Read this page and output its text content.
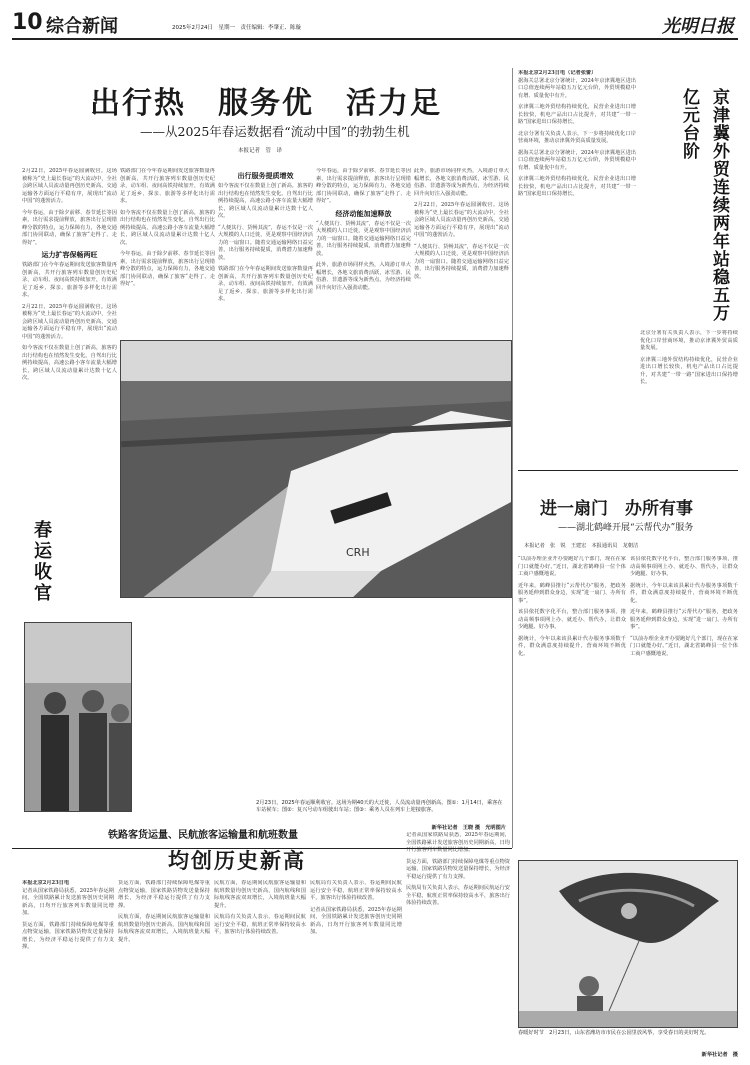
10 综合新闻	2025年2月24日　星期一　责任编辑：李肇正、陈璇	光明日报
出行热　服务优　活力足
——从2025年春运数据看“流动中国”的勃勃生机
本报记者　管　译

2月22日，2025年春运圆满收官。这场被称为“史上最长春运”的大流动中，全社会跨区域人员流动量再创历史新高，交通运输各方面运行平稳有序，展现出“流动中国”的蓬勃活力。

今年春运，由于除夕前移、春节延长等因素，出行需求提前释放，旅客出行呈现错峰分散的特点，运力保障有力，各地交通部门协同联动，确保了旅客“走得了、走得好”。

运力扩容保畅两旺

铁路部门在今年春运期间发送旅客数量再创新高，共开行旅客列车数量创历史纪录，动车组、夜间高铁持续加开，有效满足了返乡、探亲、旅游等多样化出行需求。

2月22日，2025年春运圆满收官。这场被称为“史上最长春运”的大流动中，全社会跨区域人员流动量再创历史新高，交通运输各方面运行平稳有序，展现出“流动中国”的蓬勃活力。

如今客流不仅在数量上创了新高，旅客的出行结构也在悄然发生变化。自驾出行比例持续提高，高速公路小客车流量大幅增长，跨区域人员流动量累计达数十亿人次。

铁路部门在今年春运期间发送旅客数量再创新高，共开行旅客列车数量创历史纪录，动车组、夜间高铁持续加开，有效满足了返乡、探亲、旅游等多样化出行需求。

如今客流不仅在数量上创了新高，旅客的出行结构也在悄然发生变化。自驾出行比例持续提高，高速公路小客车流量大幅增长，跨区域人员流动量累计达数十亿人次。

今年春运，由于除夕前移、春节延长等因素，出行需求提前释放，旅客出行呈现错峰分散的特点，运力保障有力，各地交通部门协同联动，确保了旅客“走得了、走得好”。

出行服务提质增效

如今客流不仅在数量上创了新高，旅客的出行结构也在悄然发生变化。自驾出行比例持续提高，高速公路小客车流量大幅增长，跨区域人员流动量累计达数十亿人次。

“人便其行、货畅其流”，春运不仅是一次大规模的人口迁徙，更是观察中国经济活力的一扇窗口。随着交通运输网络日益完善，出行服务持续提质，消费潜力加速释放。

铁路部门在今年春运期间发送旅客数量再创新高，共开行旅客列车数量创历史纪录，动车组、夜间高铁持续加开，有效满足了返乡、探亲、旅游等多样化出行需求。

今年春运，由于除夕前移、春节延长等因素，出行需求提前释放，旅客出行呈现错峰分散的特点，运力保障有力，各地交通部门协同联动，确保了旅客“走得了、走得好”。

经济动能加速释放

“人便其行、货畅其流”，春运不仅是一次大规模的人口迁徙，更是观察中国经济活力的一扇窗口。随着交通运输网络日益完善，出行服务持续提质，消费潜力加速释放。

此外，旅游市场同样火热，入境游订单大幅增长，各地文旅消费活跃，冰雪游、民俗游、非遗游等成为新热点，为经济持续回升向好注入强劲动能。

此外，旅游市场同样火热，入境游订单大幅增长，各地文旅消费活跃，冰雪游、民俗游、非遗游等成为新热点，为经济持续回升向好注入强劲动能。

2月22日，2025年春运圆满收官。这场被称为“史上最长春运”的大流动中，全社会跨区域人员流动量再创历史新高，交通运输各方面运行平稳有序，展现出“流动中国”的蓬勃活力。

“人便其行、货畅其流”，春运不仅是一次大规模的人口迁徙，更是观察中国经济活力的一扇窗口。随着交通运输网络日益完善，出行服务持续提质，消费潜力加速释放。

春运收官	CRH
2月23日，2025年春运顺利收官。这场为期40天的大迁徙，人员流动量再创新高。图①：1月14日，乘客在车站候车；图②：复兴号动车组驶出车站；图③：乘务人员在列车上迎接旅客。
新华社记者　王晓 摄　光明图片

本报北京2月23日电（记者张蕾）

据海关总署北京分署统计，2024年京津冀地区进出口总值连续两年站稳五万亿元台阶，外贸规模稳中有增、质量优中有升。

京津冀三地外贸结构持续优化，民营企业进出口增长较快，机电产品出口占比提升，对共建“一带一路”国家进出口保持增长。

北京分署有关负责人表示，下一步将持续优化口岸营商环境，推动京津冀外贸高质量发展。

据海关总署北京分署统计，2024年京津冀地区进出口总值连续两年站稳五万亿元台阶，外贸规模稳中有增、质量优中有升。

京津冀三地外贸结构持续优化，民营企业进出口增长较快，机电产品出口占比提升，对共建“一带一路”国家进出口保持增长。	京津冀外贸连续两年站稳五万亿元台阶

北京分署有关负责人表示，下一步将持续优化口岸营商环境，推动京津冀外贸高质量发展。

京津冀三地外贸结构持续优化，民营企业进出口增长较快，机电产品出口占比提升，对共建“一带一路”国家进出口保持增长。

进一扇门　办所有事
——湖北鹤峰开展“云帮代办”服务
本报记者　张　锐　王建宏　本报通讯员　龙朝洁

“以前办理企业开办要跑好几个部门，现在在家门口就能办好。”近日，湖北省鹤峰县一位个体工商户感慨地说。

近年来，鹤峰县推行“云帮代办”服务，把政务服务延伸到群众身边，实现“进一扇门、办所有事”。

该县依托数字化平台，整合部门服务事项，推动高频事项网上办、就近办、帮代办，让群众少跑腿、好办事。

据统计，今年以来该县累计代办服务事项数千件，群众满意度持续提升，营商环境不断优化。

该县依托数字化平台，整合部门服务事项，推动高频事项网上办、就近办、帮代办，让群众少跑腿、好办事。

据统计，今年以来该县累计代办服务事项数千件，群众满意度持续提升，营商环境不断优化。

近年来，鹤峰县推行“云帮代办”服务，把政务服务延伸到群众身边，实现“进一扇门、办所有事”。

“以前办理企业开办要跑好几个部门，现在在家门口就能办好。”近日，湖北省鹤峰县一位个体工商户感慨地说。

铁路客货运量、民航旅客运输量和航班数量
均创历史新高

本报北京2月23日电

记者从国家铁路局获悉，2025年春运期间，全国铁路累计发送旅客创历史同期新高，日均开行旅客列车数量同比增加。

货运方面，铁路部门持续保障电煤等重点物资运输，国家铁路货物发送量保持增长，为经济平稳运行提供了有力支撑。

货运方面，铁路部门持续保障电煤等重点物资运输，国家铁路货物发送量保持增长，为经济平稳运行提供了有力支撑。

民航方面，春运期间民航旅客运输量和航班数量均创历史新高，国内航线和国际航线客流双双增长，入境航班量大幅提升。

民航方面，春运期间民航旅客运输量和航班数量均创历史新高，国内航线和国际航线客流双双增长，入境航班量大幅提升。

民航局有关负责人表示，春运期间民航运行安全平稳，航班正常率保持较高水平，旅客出行体验持续改善。

民航局有关负责人表示，春运期间民航运行安全平稳，航班正常率保持较高水平，旅客出行体验持续改善。

记者从国家铁路局获悉，2025年春运期间，全国铁路累计发送旅客创历史同期新高，日均开行旅客列车数量同比增加。

记者从国家铁路局获悉，2025年春运期间，全国铁路累计发送旅客创历史同期新高，日均开行旅客列车数量同比增加。

货运方面，铁路部门持续保障电煤等重点物资运输，国家铁路货物发送量保持增长，为经济平稳运行提供了有力支撑。

民航局有关负责人表示，春运期间民航运行安全平稳，航班正常率保持较高水平，旅客出行体验持续改善。

春暖好时节　2月23日，山东省潍坊市市民在公园里放风筝，享受春日的美好时光。
新华社记者　摄
